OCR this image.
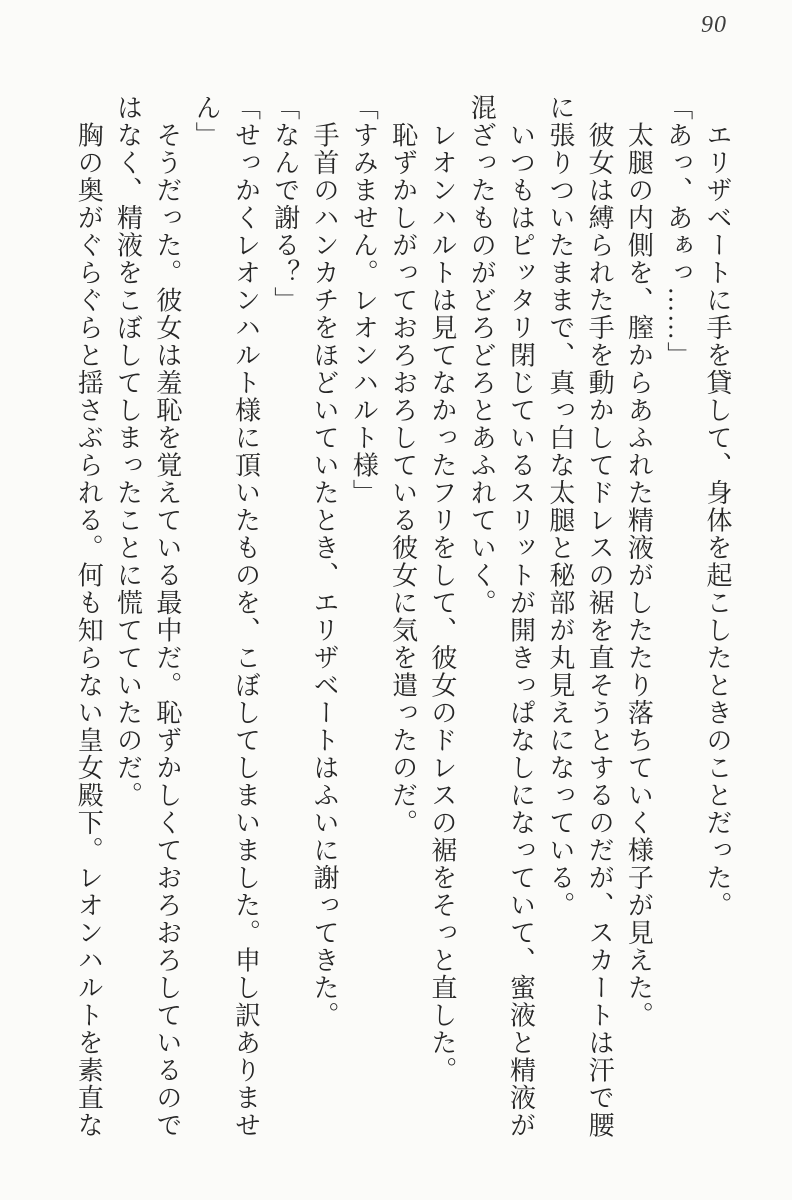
90
　エリザベートに手を貸して、身体を起こしたときのことだった。
「あっ、あぁっ……」
　太腿の内側を、膣からあふれた精液がしたたり落ちていく様子が見えた。
　彼女は縛られた手を動かしてドレスの裾を直そうとするのだが、スカートは汗で腰
に張りついたままで、真っ白な太腿と秘部が丸見えになっている。
　いつもはピッタリ閉じているスリットが開きっぱなしになっていて、蜜液と精液が
混ざったものがどろどろとあふれていく。
　レオンハルトは見てなかったフリをして、彼女のドレスの裾をそっと直した。
　恥ずかしがっておろおろしている彼女に気を遣ったのだ。
「すみません。レオンハルト様」
　手首のハンカチをほどいていたとき、エリザベートはふいに謝ってきた。
「なんで謝る？」
「せっかくレオンハルト様に頂いたものを、こぼしてしまいました。申し訳ありませ
ん」
　そうだった。彼女は羞恥を覚えている最中だ。恥ずかしくておろおろしているので
はなく、精液をこぼしてしまったことに慌てていたのだ。
　胸の奥がぐらぐらと揺さぶられる。何も知らない皇女殿下。レオンハルトを素直な
